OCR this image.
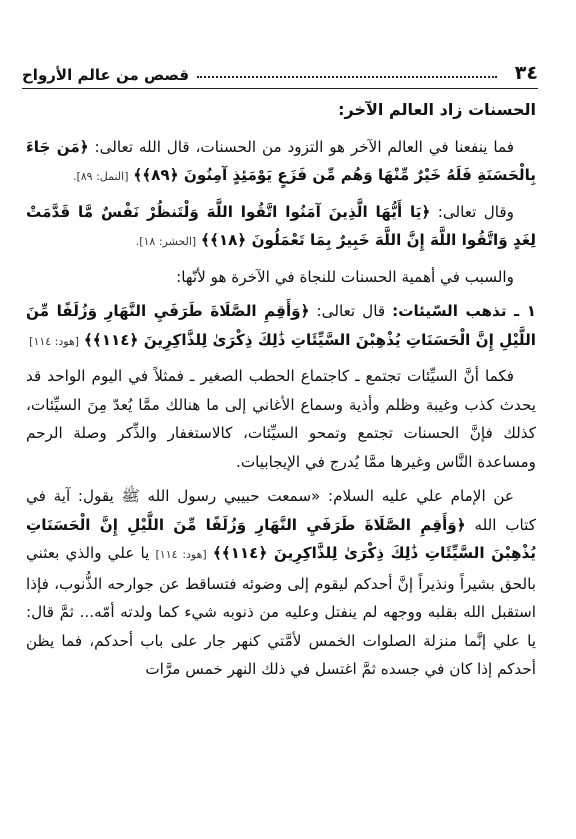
٣٤
قصص من عالم الأرواح
الحسنات زاد العالم الآخر:

فما ينفعنا في العالم الآخر هو التزود من الحسنات، قال الله تعالى: ﴿مَن جَاءَ بِالْحَسَنَةِ فَلَهُ خَيْرٌ مِّنْهَا وَهُم مِّن فَزَعٍ يَوْمَئِذٍ آمِنُونَ ﴿٨٩﴾﴾ [النمل: ٨٩].

وقال تعالى: ﴿يَا أَيُّهَا الَّذِينَ آمَنُوا اتَّقُوا اللَّهَ وَلْتَنظُرْ نَفْسٌ مَّا قَدَّمَتْ لِغَدٍ وَاتَّقُوا اللَّهَ إِنَّ اللَّهَ خَبِيرٌ بِمَا تَعْمَلُونَ ﴿١٨﴾﴾ [الحشر: ١٨].

والسبب في أهمية الحسنات للنجاة في الآخرة هو لأنّها:

١ ـ تذهب السّيئات: قال تعالى: ﴿وَأَقِمِ الصَّلَاةَ طَرَفَيِ النَّهَارِ وَزُلَفًا مِّنَ اللَّيْلِ إِنَّ الْحَسَنَاتِ يُذْهِبْنَ السَّيِّئَاتِ ذَٰلِكَ ذِكْرَىٰ لِلذَّاكِرِينَ ﴿١١٤﴾﴾ [هود: ١١٤]

فكما أنَّ السيِّئات تجتمع ـ كاجتماع الحطب الصغير ـ فمثلاً في اليوم الواحد قد يحدث كذب وغيبة وظلم وأذية وسماع الأغاني إلى ما هنالك ممَّا يُعدّ مِنَ السيِّئات، كذلك فإنَّ الحسنات تجتمع وتمحو السيِّئات، كالاستغفار والذِّكر وصلة الرحم ومساعدة النَّاس وغيرها ممَّا يُدرج في الإيجابيات.

عن الإمام علي عليه السلام: «سمعت حبيبي رسول الله ﷺ يقول: آية في كتاب الله ﴿وَأَقِمِ الصَّلَاةَ طَرَفَيِ النَّهَارِ وَزُلَفًا مِّنَ اللَّيْلِ إِنَّ الْحَسَنَاتِ يُذْهِبْنَ السَّيِّئَاتِ ذَٰلِكَ ذِكْرَىٰ لِلذَّاكِرِينَ ﴿١١٤﴾﴾ [هود: ١١٤] يا علي والذي بعثني بالحق بشيراً ونذيراً إنَّ أحدكم ليقوم إلى وضوئه فتساقط عن جوارحه الذُّنوب، فإذا استقبل الله بقلبه ووجهه لم ينفتل وعليه من ذنوبه شيء كما ولدته أمّه... ثمَّ قال: يا علي إنَّما منزلة الصلوات الخمس لأمَّتي كنهر جار على باب أحدكم، فما يظن أحدكم إذا كان في جسده ثمَّ اغتسل في ذلك النهر خمس مرَّات
